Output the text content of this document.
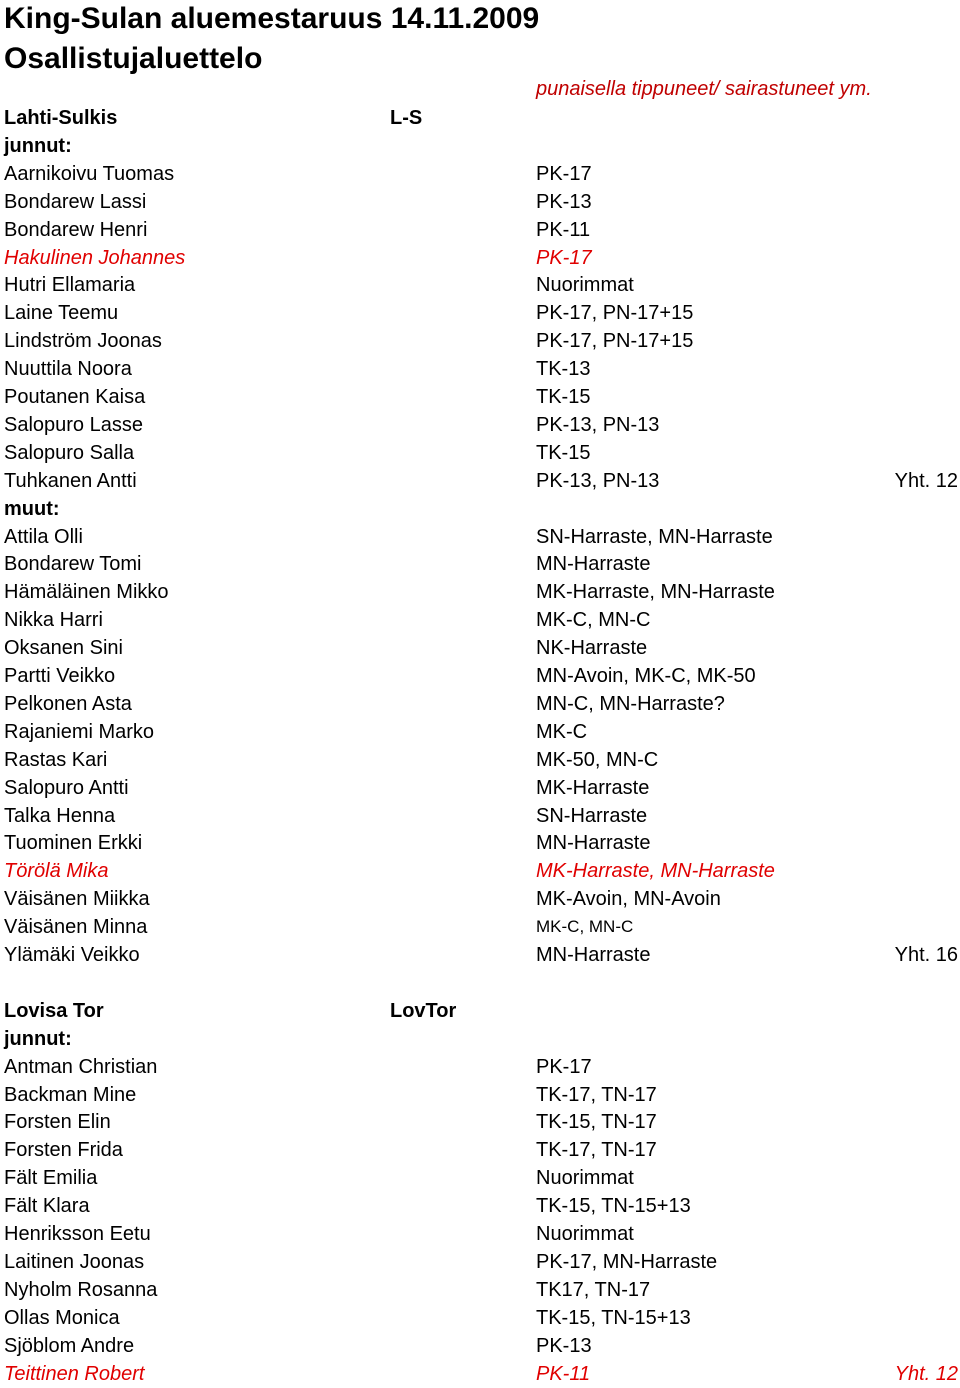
King-Sulan aluemestaruus 14.11.2009
Osallistujaluettelo
punaisella tippuneet/ sairastuneet ym.
Lahti-Sulkis	L-S
junnut:
Aarnikoivu Tuomas	PK-17
Bondarew Lassi	PK-13
Bondarew Henri	PK-11
Hakulinen Johannes	PK-17
Hutri Ellamaria	Nuorimmat
Laine Teemu	PK-17, PN-17+15
Lindström Joonas	PK-17, PN-17+15
Nuuttila Noora	TK-13
Poutanen Kaisa	TK-15
Salopuro Lasse	PK-13, PN-13
Salopuro Salla	TK-15
Tuhkanen Antti	PK-13, PN-13	Yht. 12
muut:
Attila Olli	SN-Harraste, MN-Harraste
Bondarew Tomi	MN-Harraste
Hämäläinen Mikko	MK-Harraste, MN-Harraste
Nikka Harri	MK-C, MN-C
Oksanen Sini	NK-Harraste
Partti Veikko	MN-Avoin, MK-C, MK-50
Pelkonen Asta	MN-C, MN-Harraste?
Rajaniemi Marko	MK-C
Rastas Kari	MK-50, MN-C
Salopuro Antti	MK-Harraste
Talka Henna	SN-Harraste
Tuominen Erkki	MN-Harraste
Törölä Mika	MK-Harraste, MN-Harraste
Väisänen Miikka	MK-Avoin, MN-Avoin
Väisänen Minna	MK-C, MN-C
Ylämäki Veikko	MN-Harraste	Yht. 16
Lovisa Tor	LovTor
junnut:
Antman Christian	PK-17
Backman Mine	TK-17, TN-17
Forsten Elin	TK-15, TN-17
Forsten Frida	TK-17, TN-17
Fält Emilia	Nuorimmat
Fält Klara	TK-15, TN-15+13
Henriksson Eetu	Nuorimmat
Laitinen Joonas	PK-17, MN-Harraste
Nyholm Rosanna	TK17, TN-17
Ollas Monica	TK-15, TN-15+13
Sjöblom Andre	PK-13
Teittinen Robert	PK-11	Yht. 12
